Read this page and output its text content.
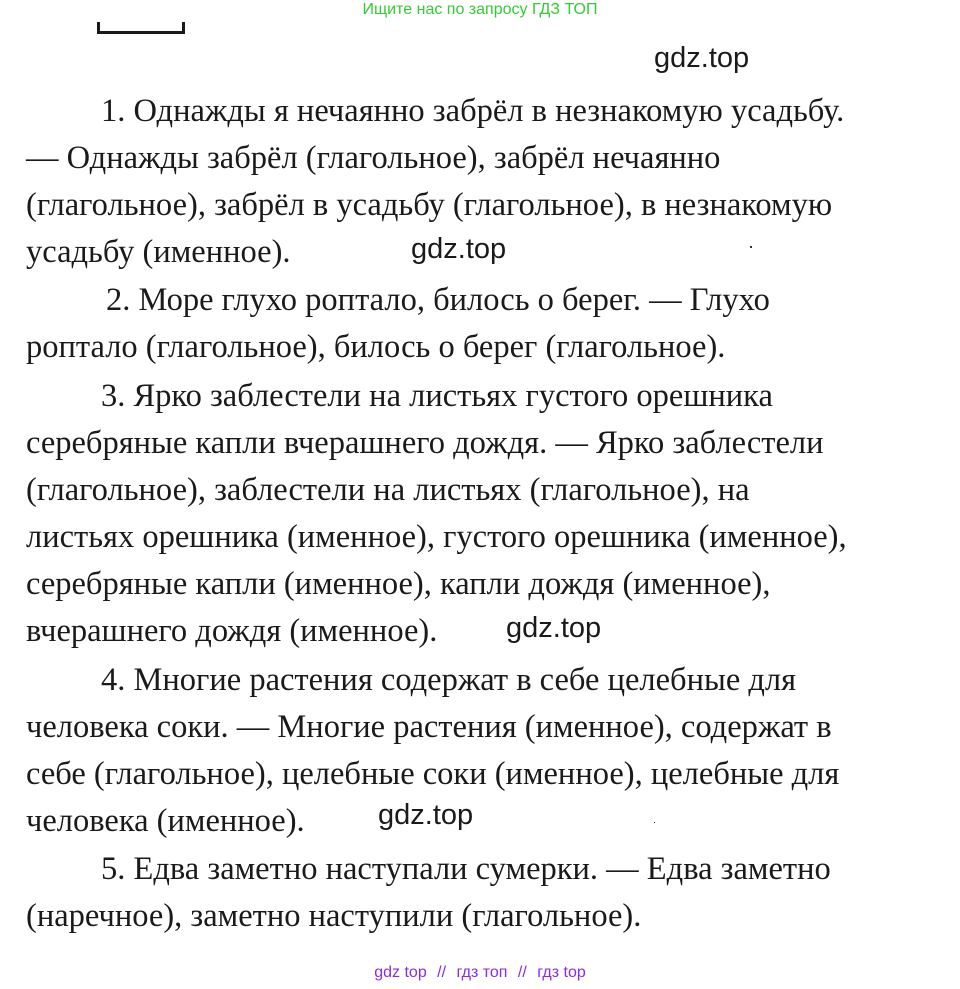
Ищите нас по запросу ГДЗ ТОП
gdz.top
1. Однажды я нечаянно забрёл в незнакомую усадьбу.
— Однажды забрёл (глагольное), забрёл нечаянно
(глагольное), забрёл в усадьбу (глагольное), в незнакомую
усадьбу (именное).	gdz.top
2. Море глухо роптало, билось о берег. — Глухо
роптало (глагольное), билось о берег (глагольное).
3. Ярко заблестели на листьях густого орешника
серебряные капли вчерашнего дождя. — Ярко заблестели
(глагольное), заблестели на листьях (глагольное), на
листьях орешника (именное), густого орешника (именное),
серебряные капли (именное), капли дождя (именное),
вчерашнего дождя (именное). gdz.top
4. Многие растения содержат в себе целебные для
человека соки. — Многие растения (именное), содержат в
себе (глагольное), целебные соки (именное), целебные для
человека (именное).	gdz.top
5. Едва заметно наступали сумерки. — Едва заметно
(наречное), заметно наступили (глагольное).
gdz top // гдз топ // гдз top
